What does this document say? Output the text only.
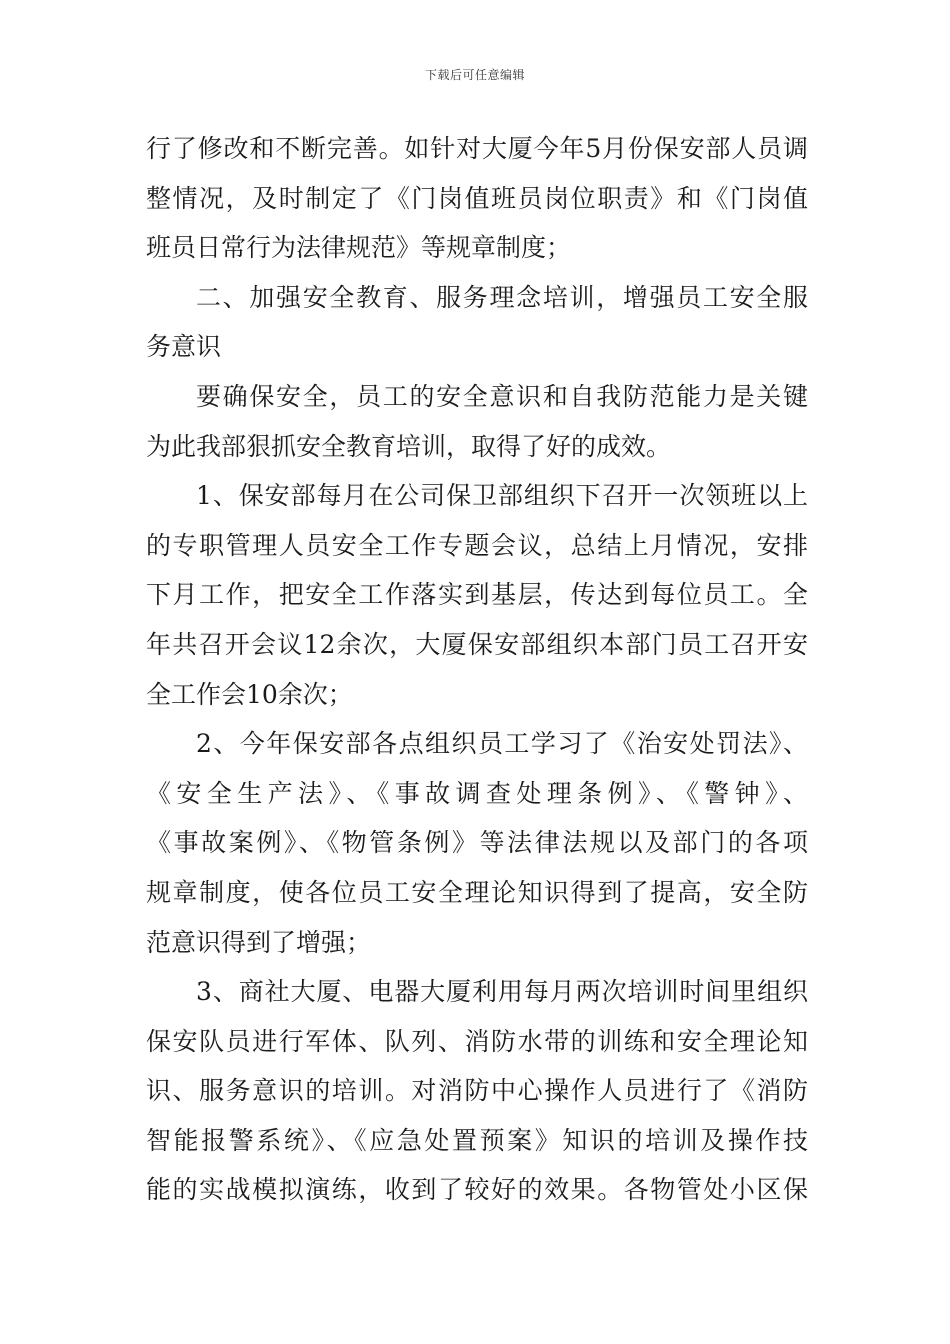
下载后可任意编辑
行了修改和不断完善。如针对大厦今年5月份保安部人员调
整情况，及时制定了《门岗值班员岗位职责》和《门岗值
班员日常行为法律规范》等规章制度；
二、加强安全教育、服务理念培训，增强员工安全服
务意识
要确保安全，员工的安全意识和自我防范能力是关键
为此我部狠抓安全教育培训，取得了好的成效。
1、保安部每月在公司保卫部组织下召开一次领班以上
的专职管理人员安全工作专题会议，总结上月情况，安排
下月工作，把安全工作落实到基层，传达到每位员工。全
年共召开会议12余次，大厦保安部组织本部门员工召开安
全工作会10余次；
2、今年保安部各点组织员工学习了《治安处罚法》、
《安全生产法》、《事故调查处理条例》、《警钟》、
《事故案例》、《物管条例》等法律法规以及部门的各项
规章制度，使各位员工安全理论知识得到了提高，安全防
范意识得到了增强；
3、商社大厦、电器大厦利用每月两次培训时间里组织
保安队员进行军体、队列、消防水带的训练和安全理论知
识、服务意识的培训。对消防中心操作人员进行了《消防
智能报警系统》、《应急处置预案》知识的培训及操作技
能的实战模拟演练，收到了较好的效果。各物管处小区保
